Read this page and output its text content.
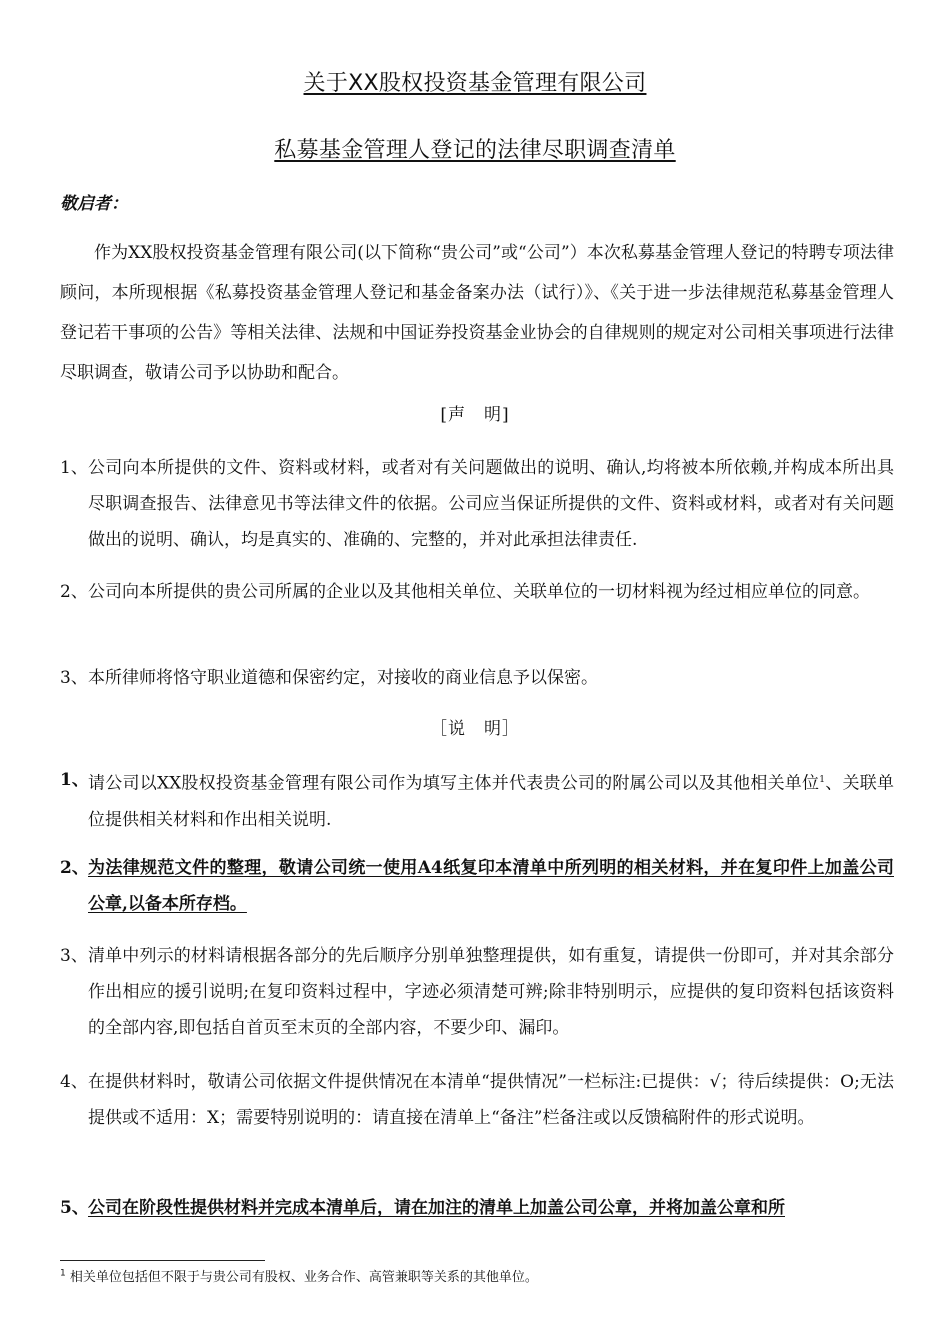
关于XX股权投资基金管理有限公司
私募基金管理人登记的法律尽职调查清单
敬启者：

作为XX股权投资基金管理有限公司(以下简称“贵公司”或“公司”）本次私募基金管理人登记的特聘专项法律顾问，本所现根据《私募投资基金管理人登记和基金备案办法（试行）》、《关于进一步法律规范私募基金管理人登记若干事项的公告》等相关法律、法规和中国证券投资基金业协会的自律规则的规定对公司相关事项进行法律尽职调查，敬请公司予以协助和配合。

[声　明]
1、 公司向本所提供的文件、资料或材料，或者对有关问题做出的说明、确认,均将被本所依赖,并构成本所出具尽职调查报告、法律意见书等法律文件的依据。公司应当保证所提供的文件、资料或材料，或者对有关问题做出的说明、确认，均是真实的、准确的、完整的，并对此承担法律责任.
2、 公司向本所提供的贵公司所属的企业以及其他相关单位、关联单位的一切材料视为经过相应单位的同意。
3、 本所律师将恪守职业道德和保密约定，对接收的商业信息予以保密。
［说　明］
1、 请公司以XX股权投资基金管理有限公司作为填写主体并代表贵公司的附属公司以及其他相关单位$^1$、关联单位提供相关材料和作出相关说明.
2、 为法律规范文件的整理，敬请公司统一使用A4纸复印本清单中所列明的相关材料，并在复印件上加盖公司公章,以备本所存档。
3、 清单中列示的材料请根据各部分的先后顺序分别单独整理提供，如有重复，请提供一份即可，并对其余部分作出相应的援引说明;在复印资料过程中，字迹必须清楚可辨;除非特别明示，应提供的复印资料包括该资料的全部内容,即包括自首页至末页的全部内容，不要少印、漏印。
4、 在提供材料时，敬请公司依据文件提供情况在本清单“提供情况”一栏标注:已提供：√；待后续提供：O;无法提供或不适用：X；需要特别说明的：请直接在清单上“备注”栏备注或以反馈稿附件的形式说明。
5、 公司在阶段性提供材料并完成本清单后，请在加注的清单上加盖公司公章，并将加盖公章和所
$^1$ 相关单位包括但不限于与贵公司有股权、业务合作、高管兼职等关系的其他单位。
